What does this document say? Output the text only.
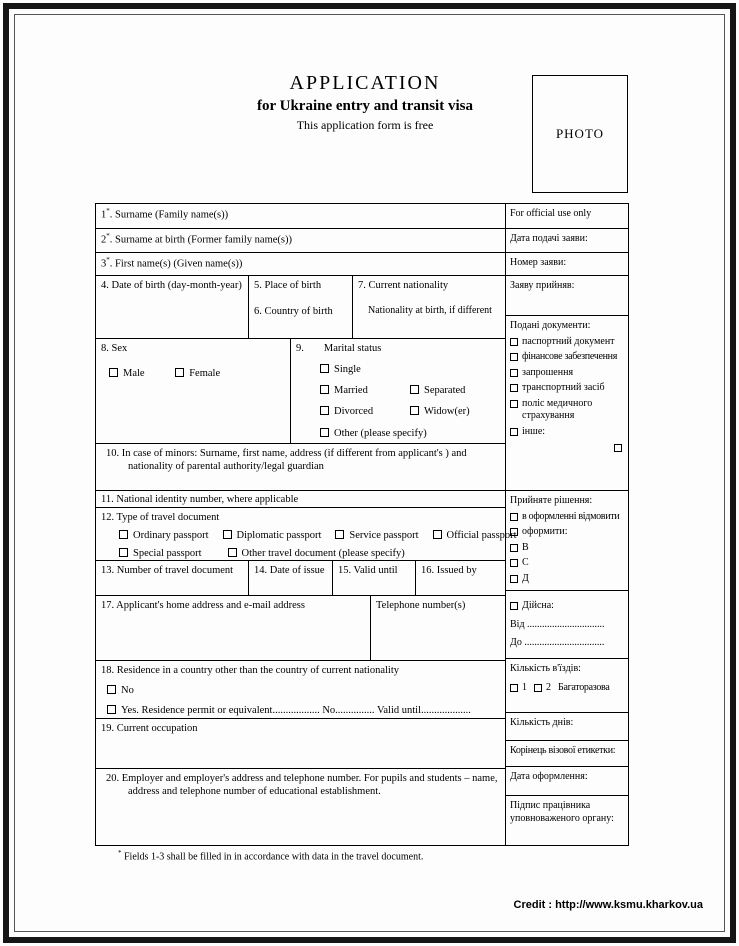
APPLICATION
for Ukraine entry and transit visa
This application form is free
PHOTO
1*. Surname (Family name(s))
2*. Surname at birth (Former family name(s))
3*. First name(s) (Given name(s))
4. Date of birth (day-month-year) 5. Place of birth
6. Country of birth
7. Current nationality
Nationality at birth, if different
8. Sex
Male	Female
9. Marital status
Single
Married	Separated
Divorced	Widow(er)
Other (please specify)
10. In case of minors: Surname, first name, address (if different from applicant's ) and nationality of parental authority/legal guardian
11. National identity number, where applicable
12. Type of travel document
Ordinary passport	Diplomatic passport	Service passport	Official passport
Special passport	Other travel document (please specify)
13. Number of travel document	14. Date of issue 15. Valid until	16. Issued by
17. Applicant's home address and e-mail address	Telephone number(s)
18. Residence in a country other than the country of current nationality
No
Yes. Residence permit or equivalent.................. No............... Valid until...................
19. Current occupation
20. Employer and employer's address and telephone number. For pupils and students – name, address and telephone number of educational establishment.
For official use only
Дата подачі заяви:
Номер заяви:
Заяву прийняв:
Подані документи:
паспортний документ
фінансове забезпечення
запрошення
транспортний засіб
поліс медичного страхування
інше:
Прийняте рішення:
в оформленні відмовити
оформити:
В
С
Д
Дійсна:
Від ...............................
До ................................
Кількість в'їздів:
1 2 Багаторазова
Кількість днів:
Корінець візової етикетки:
Дата оформлення:
Підпис працівника уповноваженого органу:
* Fields 1-3 shall be filled in in accordance with data in the travel document.
Credit : http://www.ksmu.kharkov.ua
